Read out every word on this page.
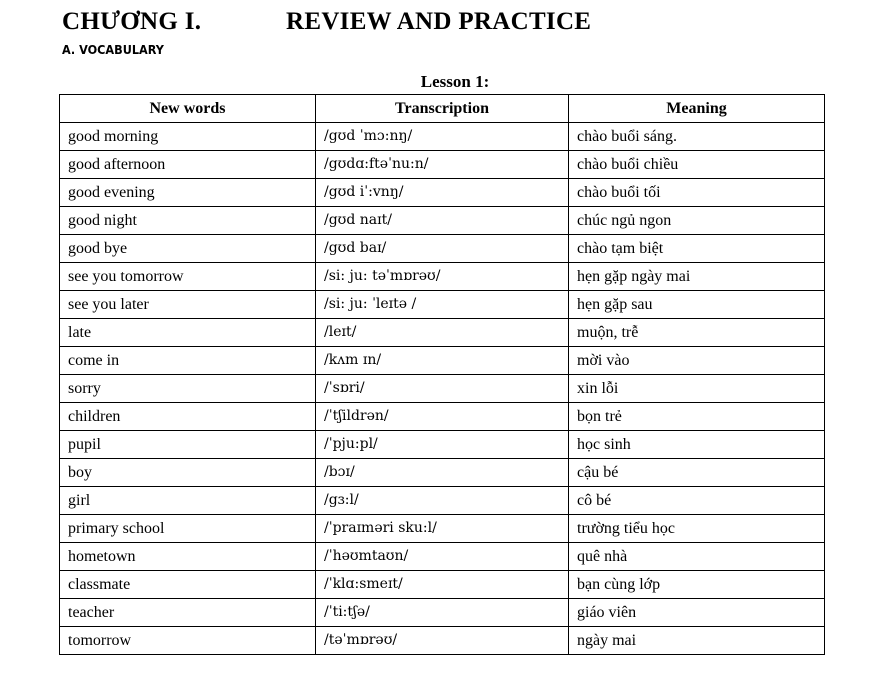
CHƯƠNG I.	REVIEW AND PRACTICE
A. VOCABULARY
Lesson 1:
New words	Transcription	Meaning
good morning	/gʊd ˈmɔ:nŋ/	chào buổi sáng.
good afternoon	/gʊdɑ:ftəˈnu:n/	chào buổi chiều
good evening	/gʊd iˈ:vnŋ/	chào buổi tối
good night	/gʊd naɪt/	chúc ngủ ngon
good bye	/gʊd baɪ/	chào tạm biệt
see you tomorrow	/si: ju: təˈmɒrəʊ/	hẹn gặp ngày mai
see you later	/si: ju: ˈleɪtə /	hẹn gặp sau
late	/leɪt/	muộn, trễ
come in	/kʌm ɪn/	mời vào
sorry	/ˈsɒri/	xin lỗi
children	/ˈtʃildrən/	bọn trẻ
pupil	/ˈpju:pl/	học sinh
boy	/bɔɪ/	cậu bé
girl	/gɜ:l/	cô bé
primary school	/ˈpraɪməri sku:l/	trường tiểu học
hometown	/ˈhəʊmtaʊn/	quê nhà
classmate	/ˈklɑ:smeɪt/	bạn cùng lớp
teacher	/ˈti:tʃə/	giáo viên
tomorrow	/təˈmɒrəʊ/	ngày mai
